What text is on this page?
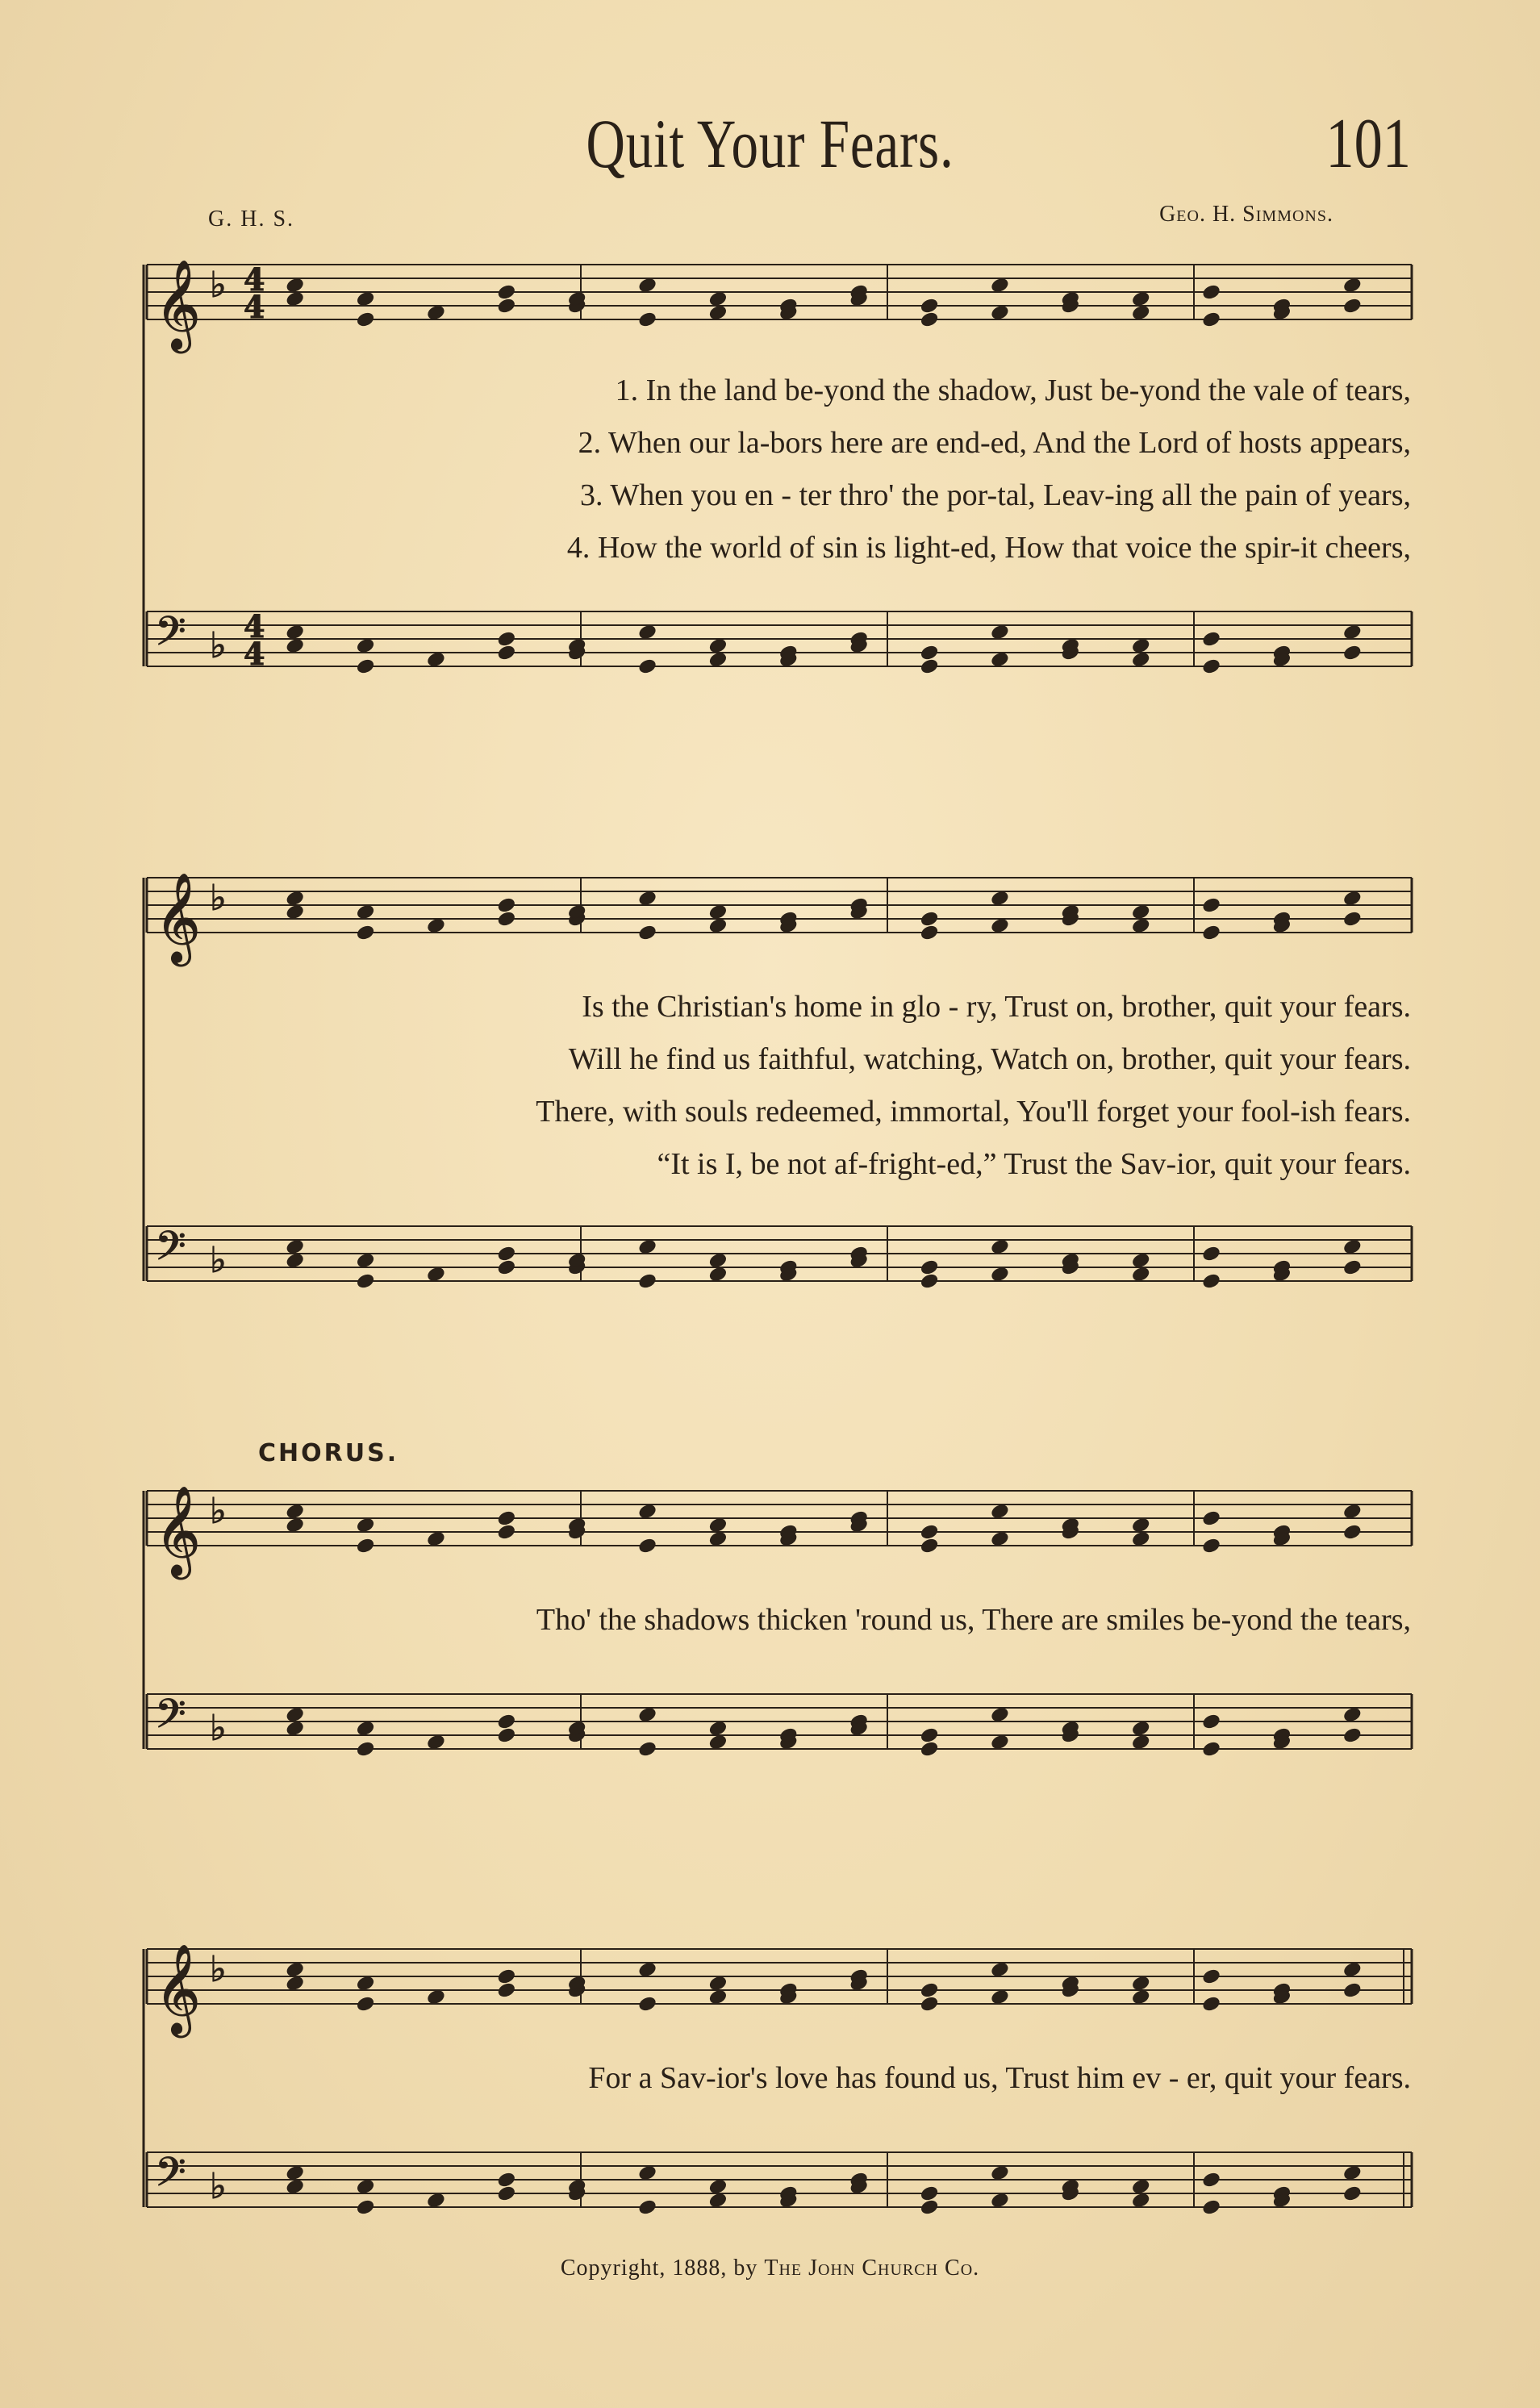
Quit Your Fears.	101
G. H. S.	Geo. H. Simmons.
𝄞 ♭
𝄢 ♭
𝄞 ♭
𝄢 ♭
𝄞 ♭
𝄢 ♭
𝄞 ♭
𝄢 ♭
4
4
4
4
1. In the land be-yond the shadow, Just be-yond the vale of tears,
2. When our la-bors here are end-ed, And the Lord of hosts appears,
3. When you en - ter thro' the por-tal, Leav-ing all the pain of years,
4. How the world of sin is light-ed, How that voice the spir-it cheers,
Is the Christian's home in glo - ry, Trust on, brother, quit your fears.
Will he find us faithful, watching, Watch on, brother, quit your fears.
There, with souls redeemed, immortal, You'll forget your fool-ish fears.
“It is I, be not af-fright-ed,” Trust the Sav-ior, quit your fears.
CHORUS.
Tho' the shadows thicken 'round us, There are smiles be-yond the tears,
For a Sav-ior's love has found us, Trust him ev - er, quit your fears.
Copyright, 1888, by The John Church Co.
